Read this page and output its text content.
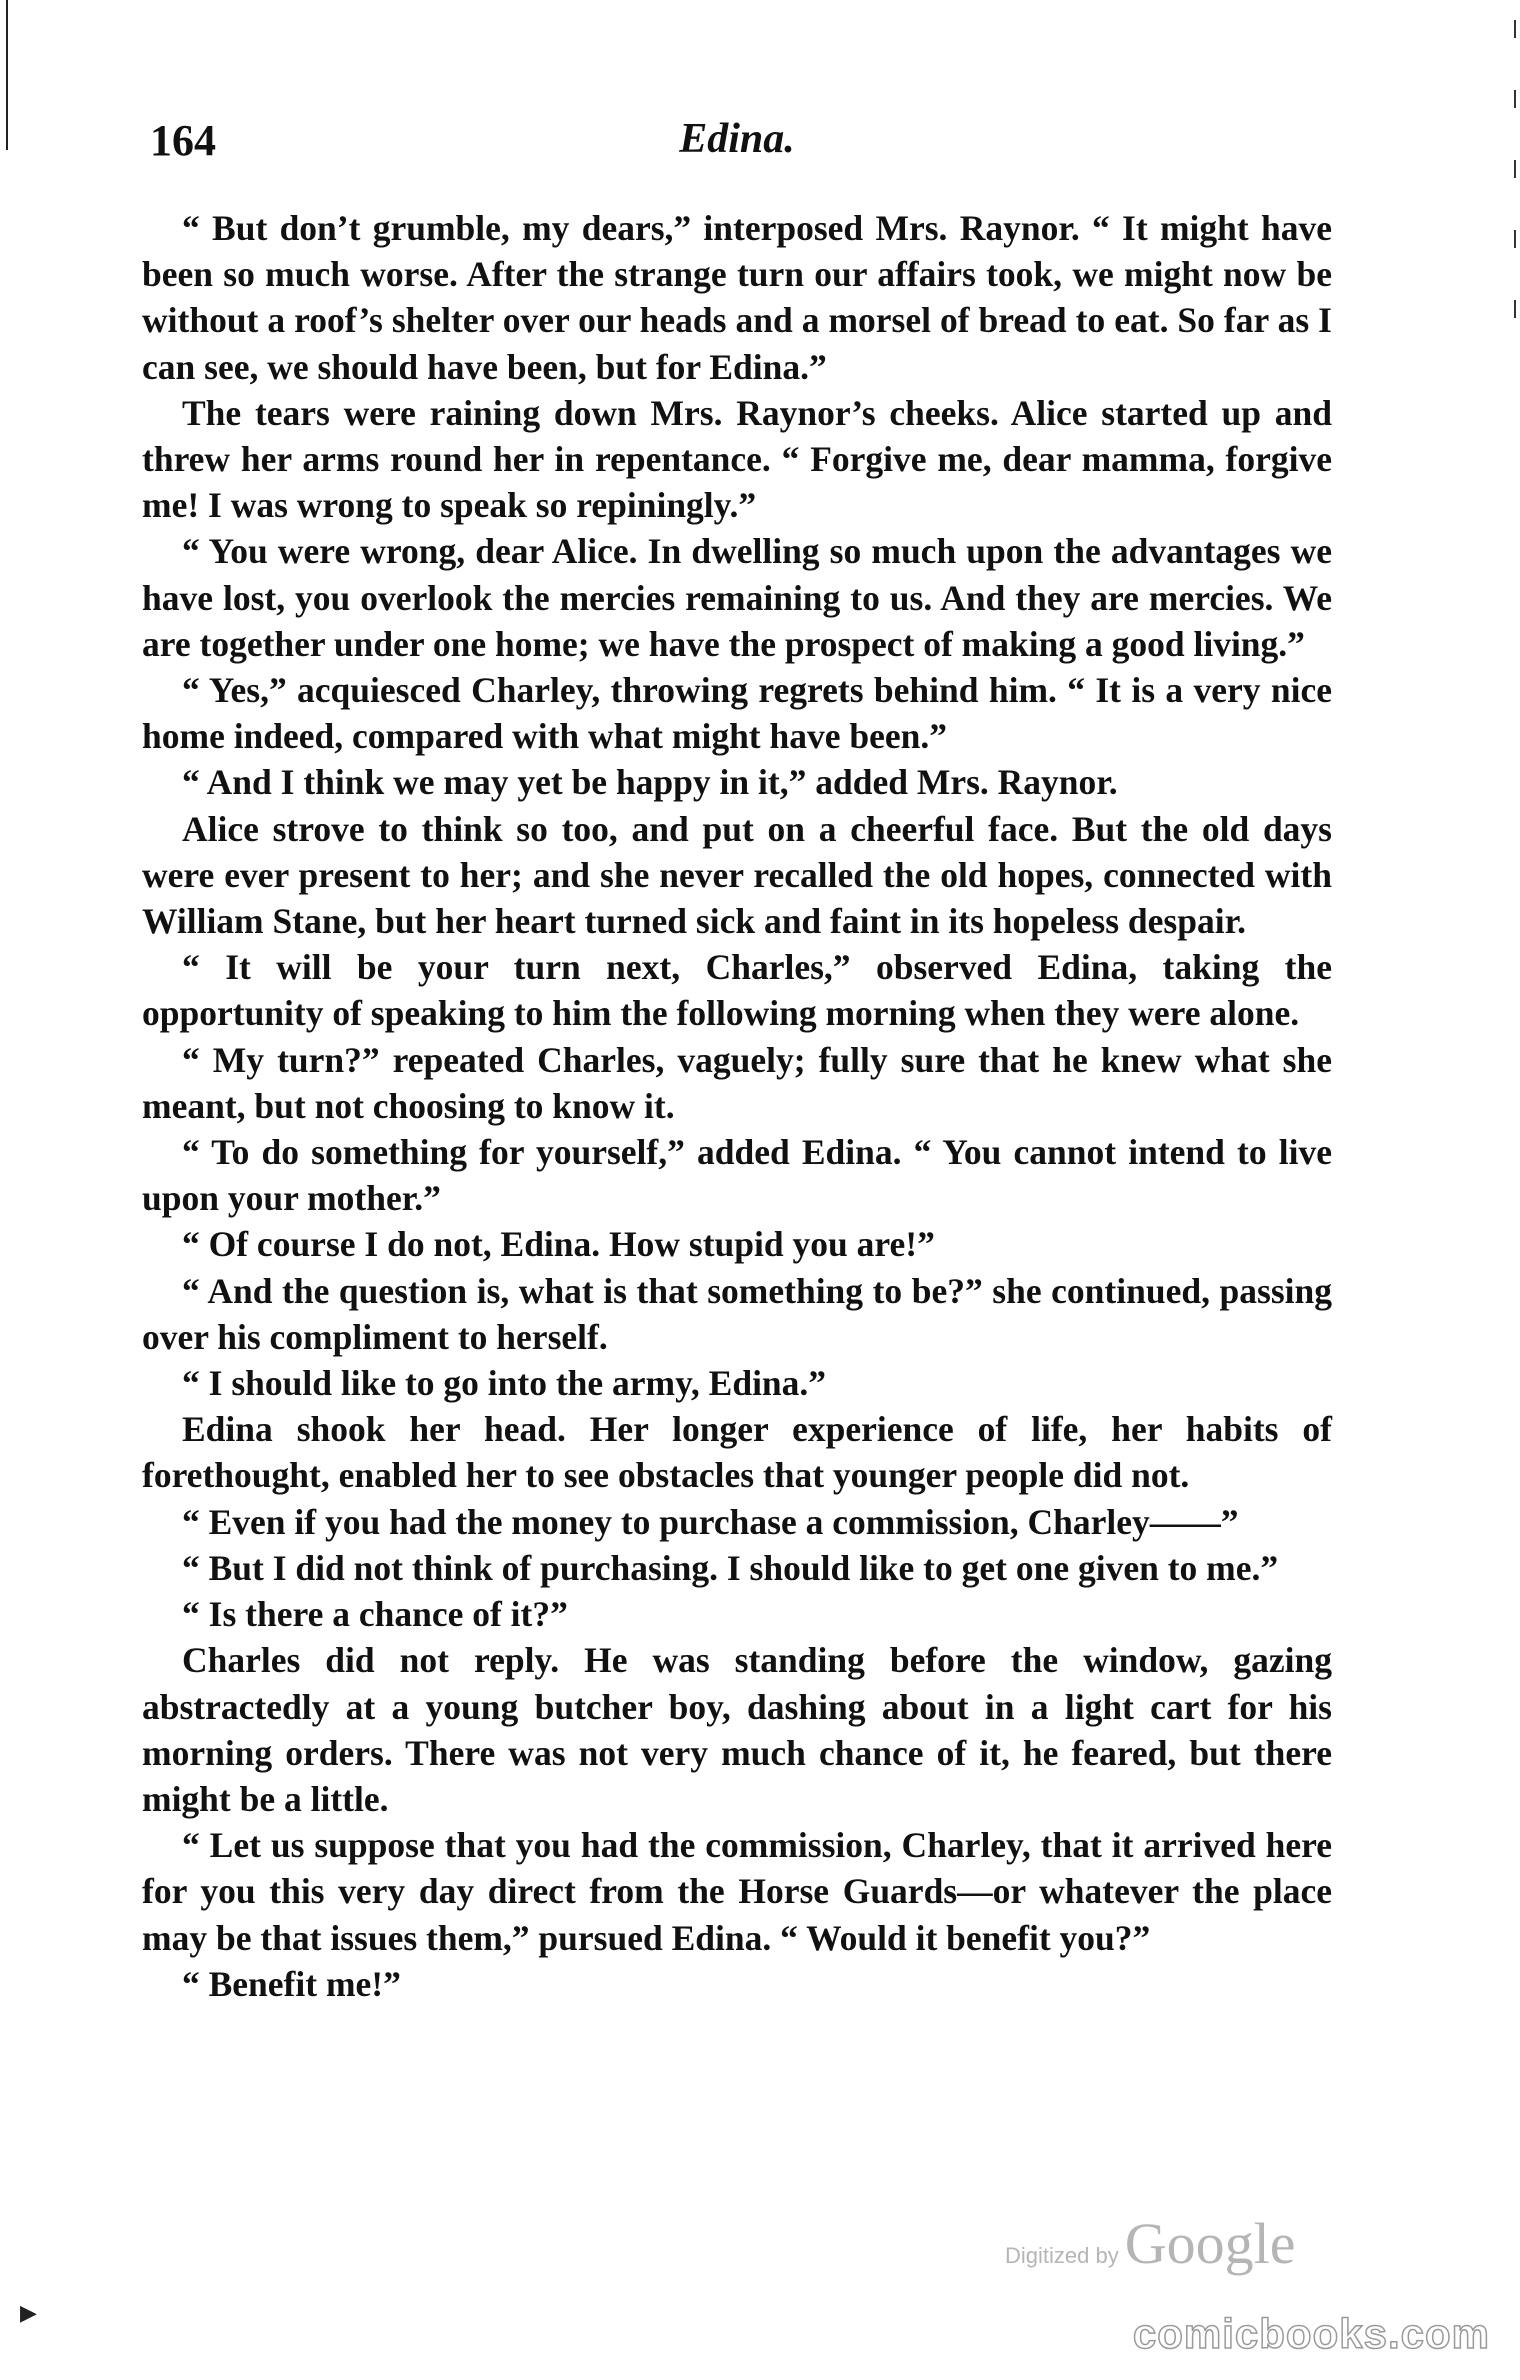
164	Edina.

“ But don’t grumble, my dears,” interposed Mrs. Raynor. “ It might have been so much worse. After the strange turn our affairs took, we might now be without a roof’s shelter over our heads and a morsel of bread to eat. So far as I can see, we should have been, but for Edina.”

The tears were raining down Mrs. Raynor’s cheeks. Alice started up and threw her arms round her in repentance. “ Forgive me, dear mamma, forgive me! I was wrong to speak so repiningly.”

“ You were wrong, dear Alice. In dwelling so much upon the advantages we have lost, you overlook the mercies remaining to us. And they are mercies. We are together under one home; we have the prospect of making a good living.”

“ Yes,” acquiesced Charley, throwing regrets behind him. “ It is a very nice home indeed, compared with what might have been.”

“ And I think we may yet be happy in it,” added Mrs. Raynor.

Alice strove to think so too, and put on a cheerful face. But the old days were ever present to her; and she never recalled the old hopes, connected with William Stane, but her heart turned sick and faint in its hopeless despair.

“ It will be your turn next, Charles,” observed Edina, taking the opportunity of speaking to him the following morning when they were alone.

“ My turn?” repeated Charles, vaguely; fully sure that he knew what she meant, but not choosing to know it.

“ To do something for yourself,” added Edina. “ You cannot intend to live upon your mother.”

“ Of course I do not, Edina. How stupid you are!”

“ And the question is, what is that something to be?” she continued, passing over his compliment to herself.

“ I should like to go into the army, Edina.”

Edina shook her head. Her longer experience of life, her habits of forethought, enabled her to see obstacles that younger people did not.

“ Even if you had the money to purchase a commission, Charley——”

“ But I did not think of purchasing. I should like to get one given to me.”

“ Is there a chance of it?”

Charles did not reply. He was standing before the window, gazing abstractedly at a young butcher boy, dashing about in a light cart for his morning orders. There was not very much chance of it, he feared, but there might be a little.

“ Let us suppose that you had the commission, Charley, that it arrived here for you this very day direct from the Horse Guards—or whatever the place may be that issues them,” pursued Edina. “ Would it benefit you?”

“ Benefit me!”

Digitized by Google
▶	comicbooks.com
